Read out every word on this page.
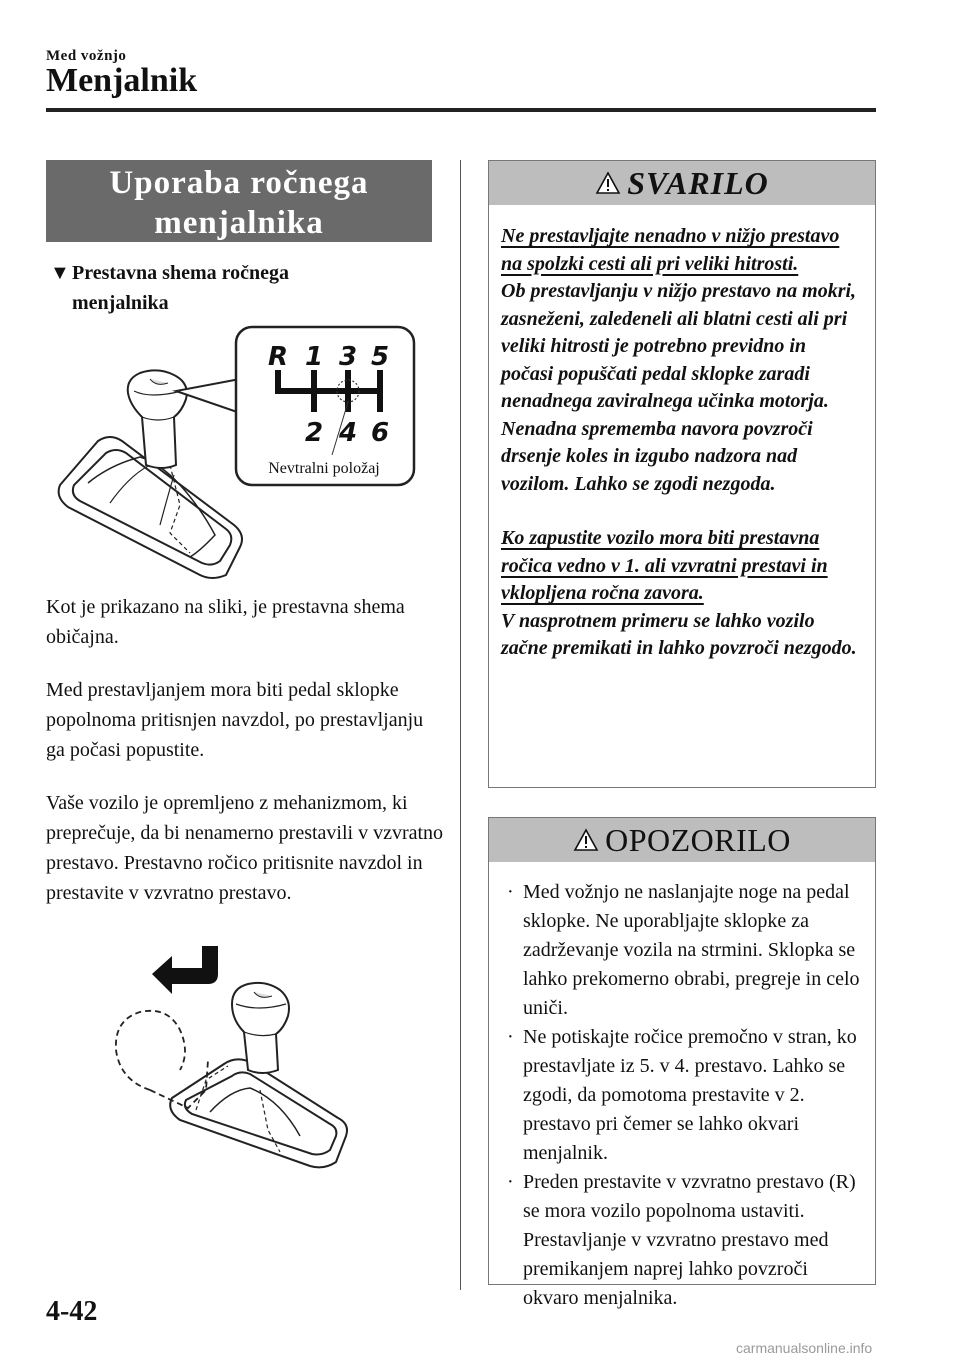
Med vožnjo
Menjalnik
Uporaba ročnega
menjalnika
▼ Prestavna shema ročnega menjalnika
R 1 3 5
2 4 6
Nevtralni položaj
Kot je prikazano na sliki, je prestavna shema običajna.
Med prestavljanjem mora biti pedal sklopke popolnoma pritisnjen navzdol, po prestavljanju ga počasi popustite.
Vaše vozilo je opremljeno z mehanizmom, ki preprečuje, da bi nenamerno prestavili v vzvratno prestavo. Prestavno ročico pritisnite navzdol in prestavite v vzvratno prestavo.
SVARILO
Ne prestavljajte nenadno v nižjo prestavo na spolzki cesti ali pri veliki hitrosti.
Ob prestavljanju v nižjo prestavo na mokri, zasneženi, zaledeneli ali blatni cesti ali pri veliki hitrosti je potrebno previdno in počasi popuščati pedal sklopke zaradi nenadnega zaviralnega učinka motorja. Nenadna sprememba navora povzroči drsenje koles in izgubo nadzora nad vozilom. Lahko se zgodi nezgoda.
Ko zapustite vozilo mora biti prestavna ročica vedno v 1. ali vzvratni prestavi in vklopljena ročna zavora.
V nasprotnem primeru se lahko vozilo začne premikati in lahko povzroči nezgodo.
OPOZORILO
· Med vožnjo ne naslanjajte noge na pedal sklopke. Ne uporabljajte sklopke za zadrževanje vozila na strmini. Sklopka se lahko prekomerno obrabi, pregreje in celo uniči.
· Ne potiskajte ročice premočno v stran, ko prestavljate iz 5. v 4. prestavo. Lahko se zgodi, da pomotoma prestavite v 2. prestavo pri čemer se lahko okvari menjalnik.
· Preden prestavite v vzvratno prestavo (R) se mora vozilo popolnoma ustaviti. Prestavljanje v vzvratno prestavo med premikanjem naprej lahko povzroči okvaro menjalnika.
4-42
carmanualsonline.info
